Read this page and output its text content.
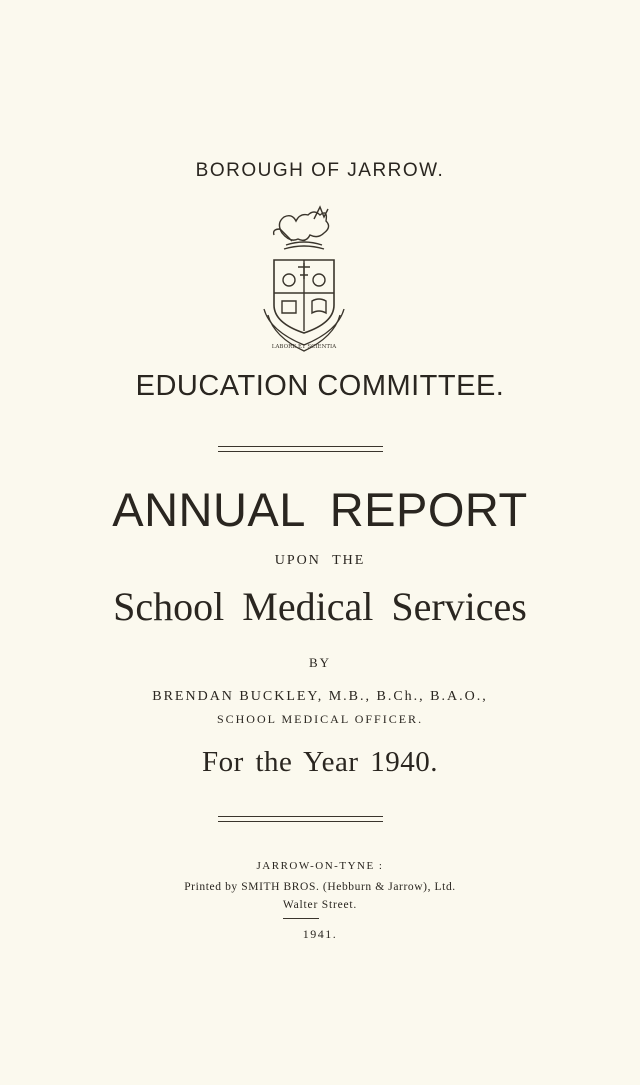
BOROUGH OF JARROW.
LABORE ET SCIENTIA
EDUCATION COMMITTEE.
ANNUAL REPORT
UPON THE
School Medical Services
BY
BRENDAN BUCKLEY, M.B., B.Ch., B.A.O.,
SCHOOL MEDICAL OFFICER.
For the Year 1940.
JARROW-ON-TYNE :
Printed by SMITH BROS. (Hebburn & Jarrow), Ltd.
Walter Street.
1941.
